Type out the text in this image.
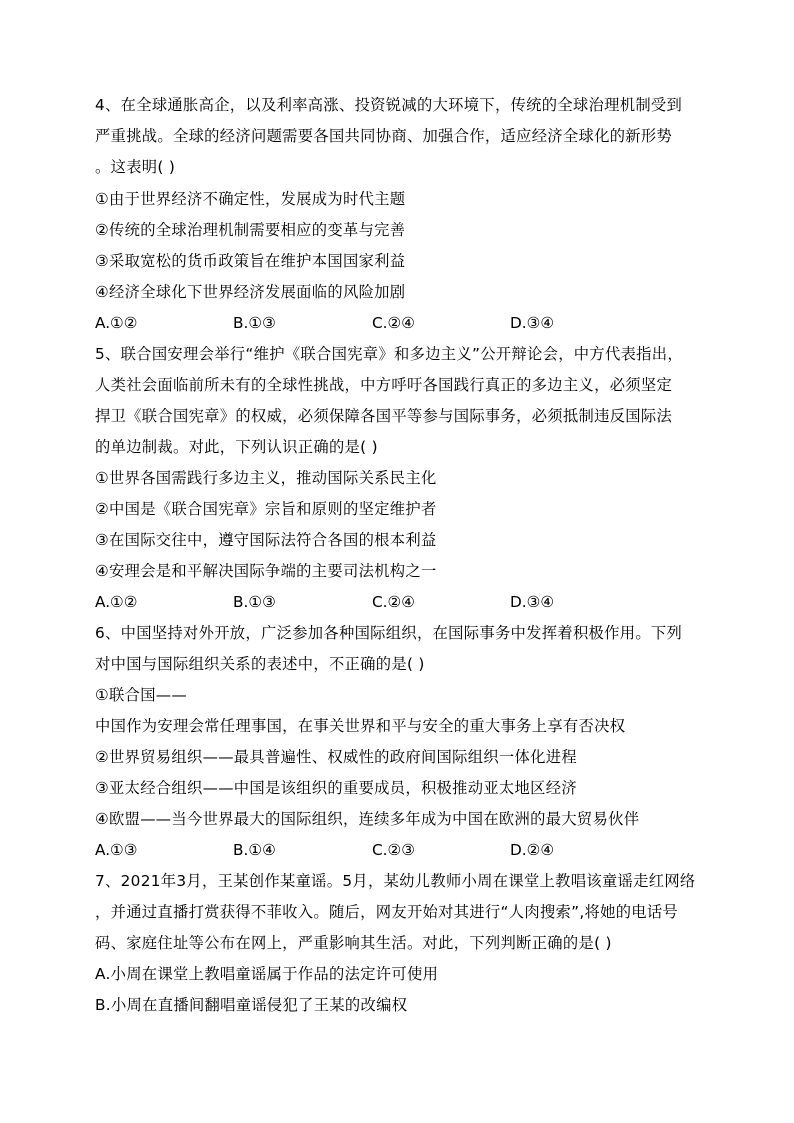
4、在全球通胀高企，以及利率高涨、投资锐减的大环境下，传统的全球治理机制受到
严重挑战。全球的经济问题需要各国共同协商、加强合作，适应经济全球化的新形势
。这表明( )
①由于世界经济不确定性，发展成为时代主题
②传统的全球治理机制需要相应的变革与完善
③采取宽松的货币政策旨在维护本国国家利益
④经济全球化下世界经济发展面临的风险加剧
A.①②	B.①③	C.②④	D.③④
5、联合国安理会举行“维护《联合国宪章》和多边主义”公开辩论会，中方代表指出，
人类社会面临前所未有的全球性挑战，中方呼吁各国践行真正的多边主义，必须坚定
捍卫《联合国宪章》的权威，必须保障各国平等参与国际事务，必须抵制违反国际法
的单边制裁。对此，下列认识正确的是( )
①世界各国需践行多边主义，推动国际关系民主化
②中国是《联合国宪章》宗旨和原则的坚定维护者
③在国际交往中，遵守国际法符合各国的根本利益
④安理会是和平解决国际争端的主要司法机构之一
A.①②	B.①③	C.②④	D.③④
6、中国坚持对外开放，广泛参加各种国际组织，在国际事务中发挥着积极作用。下列
对中国与国际组织关系的表述中，不正确的是( )
①联合国——
中国作为安理会常任理事国，在事关世界和平与安全的重大事务上享有否决权
②世界贸易组织——最具普遍性、权威性的政府间国际组织一体化进程
③亚太经合组织——中国是该组织的重要成员，积极推动亚太地区经济
④欧盟——当今世界最大的国际组织，连续多年成为中国在欧洲的最大贸易伙伴
A.①③	B.①④	C.②③	D.②④
7、2021年3月，王某创作某童谣。5月，某幼儿教师小周在课堂上教唱该童谣走红网络
，并通过直播打赏获得不菲收入。随后，网友开始对其进行“人肉搜索”,将她的电话号
码、家庭住址等公布在网上，严重影响其生活。对此，下列判断正确的是( )
A.小周在课堂上教唱童谣属于作品的法定许可使用
B.小周在直播间翻唱童谣侵犯了王某的改编权
